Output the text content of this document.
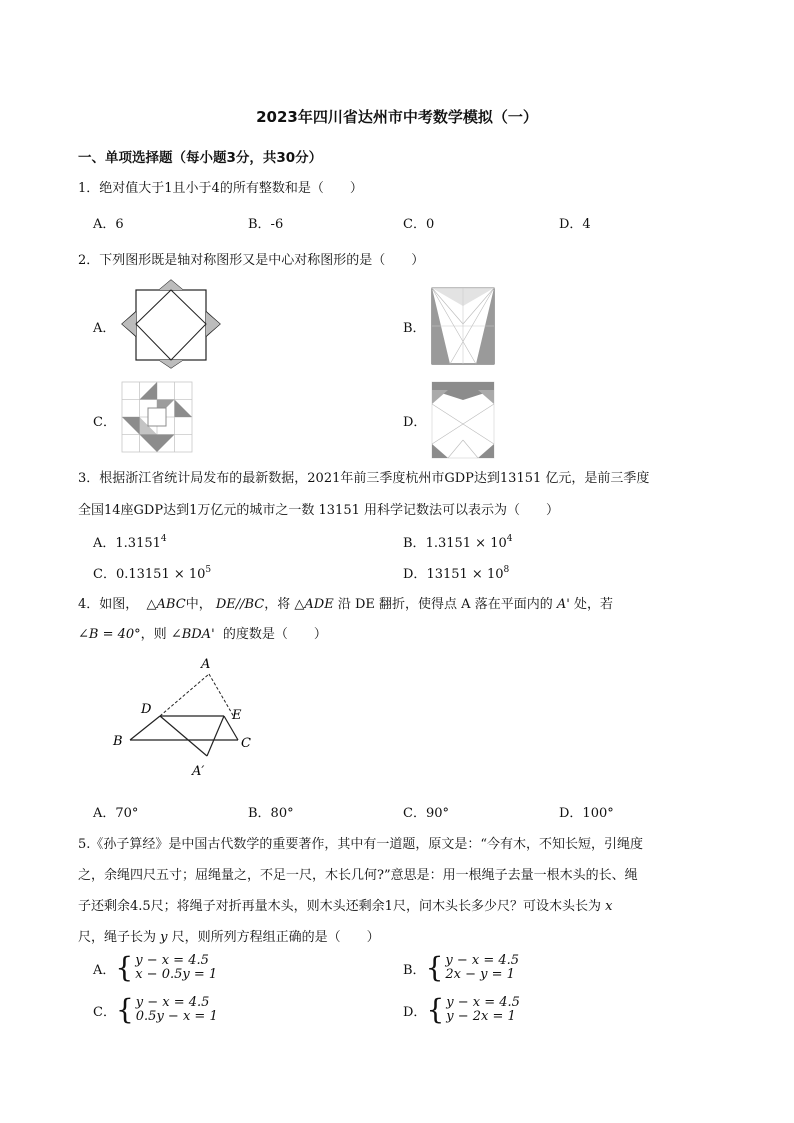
2023年四川省达州市中考数学模拟（一）
一、单项选择题（每小题3分，共30分）
1．绝对值大于1且小于4的所有整数和是（　　）
A．6	B．-6	C．0	D．4
2．下列图形既是轴对称图形又是中心对称图形的是（　　）
A．	B．
C．	D．
3．根据浙江省统计局发布的最新数据，2021年前三季度杭州市GDP达到13151 亿元，是前三季度
全国14座GDP达到1万亿元的城市之一数 13151 用科学记数法可以表示为（　　）
A．1.3151$^4$	B．$1.3151 \times 10^4$
C．$0.13151 \times 10^5$	D．$13151 \times 10^8$
4．如图， △ABC中， DE//BC，将 △ADE 沿 DE 翻折，使得点 A 落在平面内的 A' 处，若
∠B = 40°，则 ∠BDA' 的度数是（　　）
A
D	E
B	C
A′
A．70°	B．80°	C．90°	D．100°
5.《孙子算经》是中国古代数学的重要著作，其中有一道题，原文是：“今有木，不知长短，引绳度
之，余绳四尺五寸；屈绳量之，不足一尺，木长几何?”意思是：用一根绳子去量一根木头的长、绳
子还剩余4.5尺；将绳子对折再量木头，则木头还剩余1尺，问木头长多少尺？可设木头长为 x
尺，绳子长为 y 尺，则所列方程组正确的是（　　）
A． { y − x = 4.5
x − 0.5y = 1	B． { y − x = 4.5
2x − y = 1
C． { y − x = 4.5
0.5y − x = 1	D． { y − x = 4.5
y − 2x = 1
